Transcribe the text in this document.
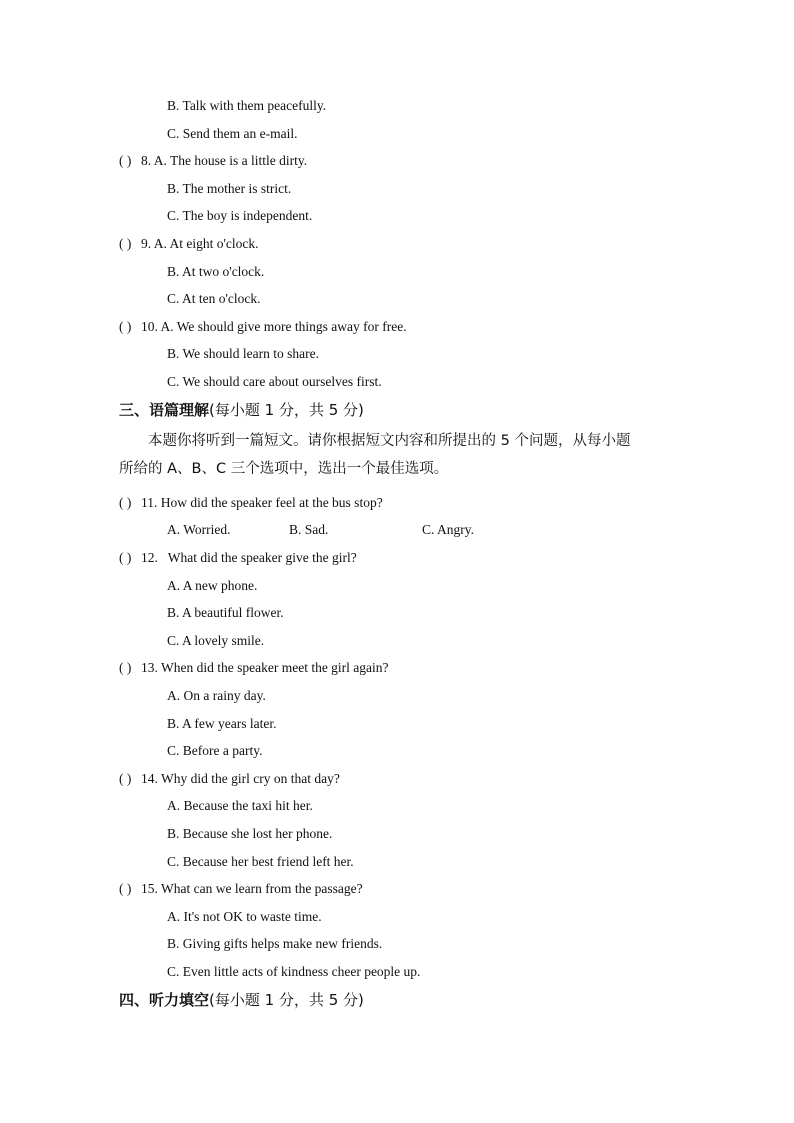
B. Talk with them peacefully.
C. Send them an e-mail.
( ) 8. A. The house is a little dirty.
B. The mother is strict.
C. The boy is independent.
( ) 9. A. At eight o'clock.
B. At two o'clock.
C. At ten o'clock.
( ) 10. A. We should give more things away for free.
B. We should learn to share.
C. We should care about ourselves first.
三、语篇理解(每小题 1 分，共 5 分)
本题你将听到一篇短文。请你根据短文内容和所提出的 5 个问题，从每小题
所给的 A、B、C 三个选项中，选出一个最佳选项。
( ) 11. How did the speaker feel at the bus stop?
A. Worried.	B. Sad.	C. Angry.
( ) 12.   What did the speaker give the girl?
A. A new phone.
B. A beautiful flower.
C. A lovely smile.
( ) 13. When did the speaker meet the girl again?
A. On a rainy day.
B. A few years later.
C. Before a party.
( ) 14. Why did the girl cry on that day?
A. Because the taxi hit her.
B. Because she lost her phone.
C. Because her best friend left her.
( ) 15. What can we learn from the passage?
A. It's not OK to waste time.
B. Giving gifts helps make new friends.
C. Even little acts of kindness cheer people up.
四、听力填空(每小题 1 分，共 5 分)
